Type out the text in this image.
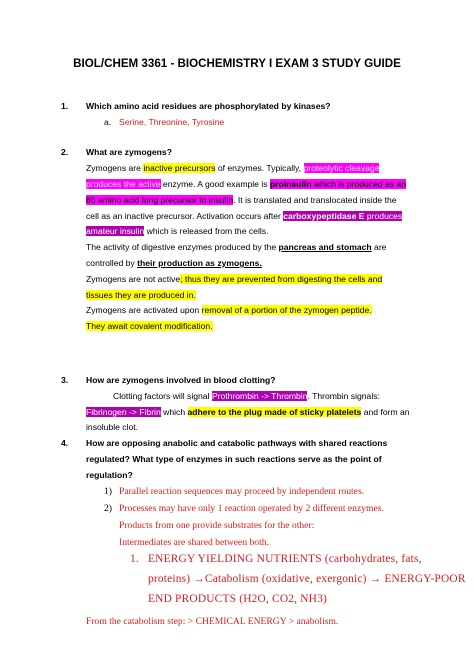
BIOL/CHEM 3361 - BIOCHEMISTRY I EXAM 3 STUDY GUIDE
1. Which amino acid residues are phosphorylated by kinases?
a. Serine, Threonine, Tyrosine
2. What are zymogens?
Zymogens are inactive precursors of enzymes. Typically, proteolytic cleavage
produces the active enzyme. A good example is proinsulin which is produced as an
86 amino acid long precursor to insulin. It is translated and translocated inside the
cell as an inactive precursor. Activation occurs after carboxypeptidase E produces
amateur insulin which is released from the cells.
The activity of digestive enzymes produced by the pancreas and stomach are
controlled by their production as zymogens.
Zymogens are not active; thus they are prevented from digesting the cells and
tissues they are produced in.
Zymogens are activated upon removal of a portion of the zymogen peptide.
They await covalent modification.
3. How are zymogens involved in blood clotting?
Clotting factors will signal Prothrombin -> Thrombin. Thrombin signals:
Fibrinogen -> Fibrin which adhere to the plug made of sticky platelets and form an
insoluble clot.
4. How are opposing anabolic and catabolic pathways with shared reactions
regulated? What type of enzymes in such reactions serve as the point of
regulation?
1) Parallel reaction sequences may proceed by independent routes.
2) Processes may have only 1 reaction operated by 2 different enzymes.
Products from one provide substrates for the other:
Intermediates are shared between both.
1. ENERGY YIELDING NUTRIENTS (carbohydrates, fats,
proteins) →Catabolism (oxidative, exergonic) → ENERGY-POOR
END PRODUCTS (H2O, CO2, NH3)
From the catabolism step: > CHEMICAL ENERGY > anabolism.
